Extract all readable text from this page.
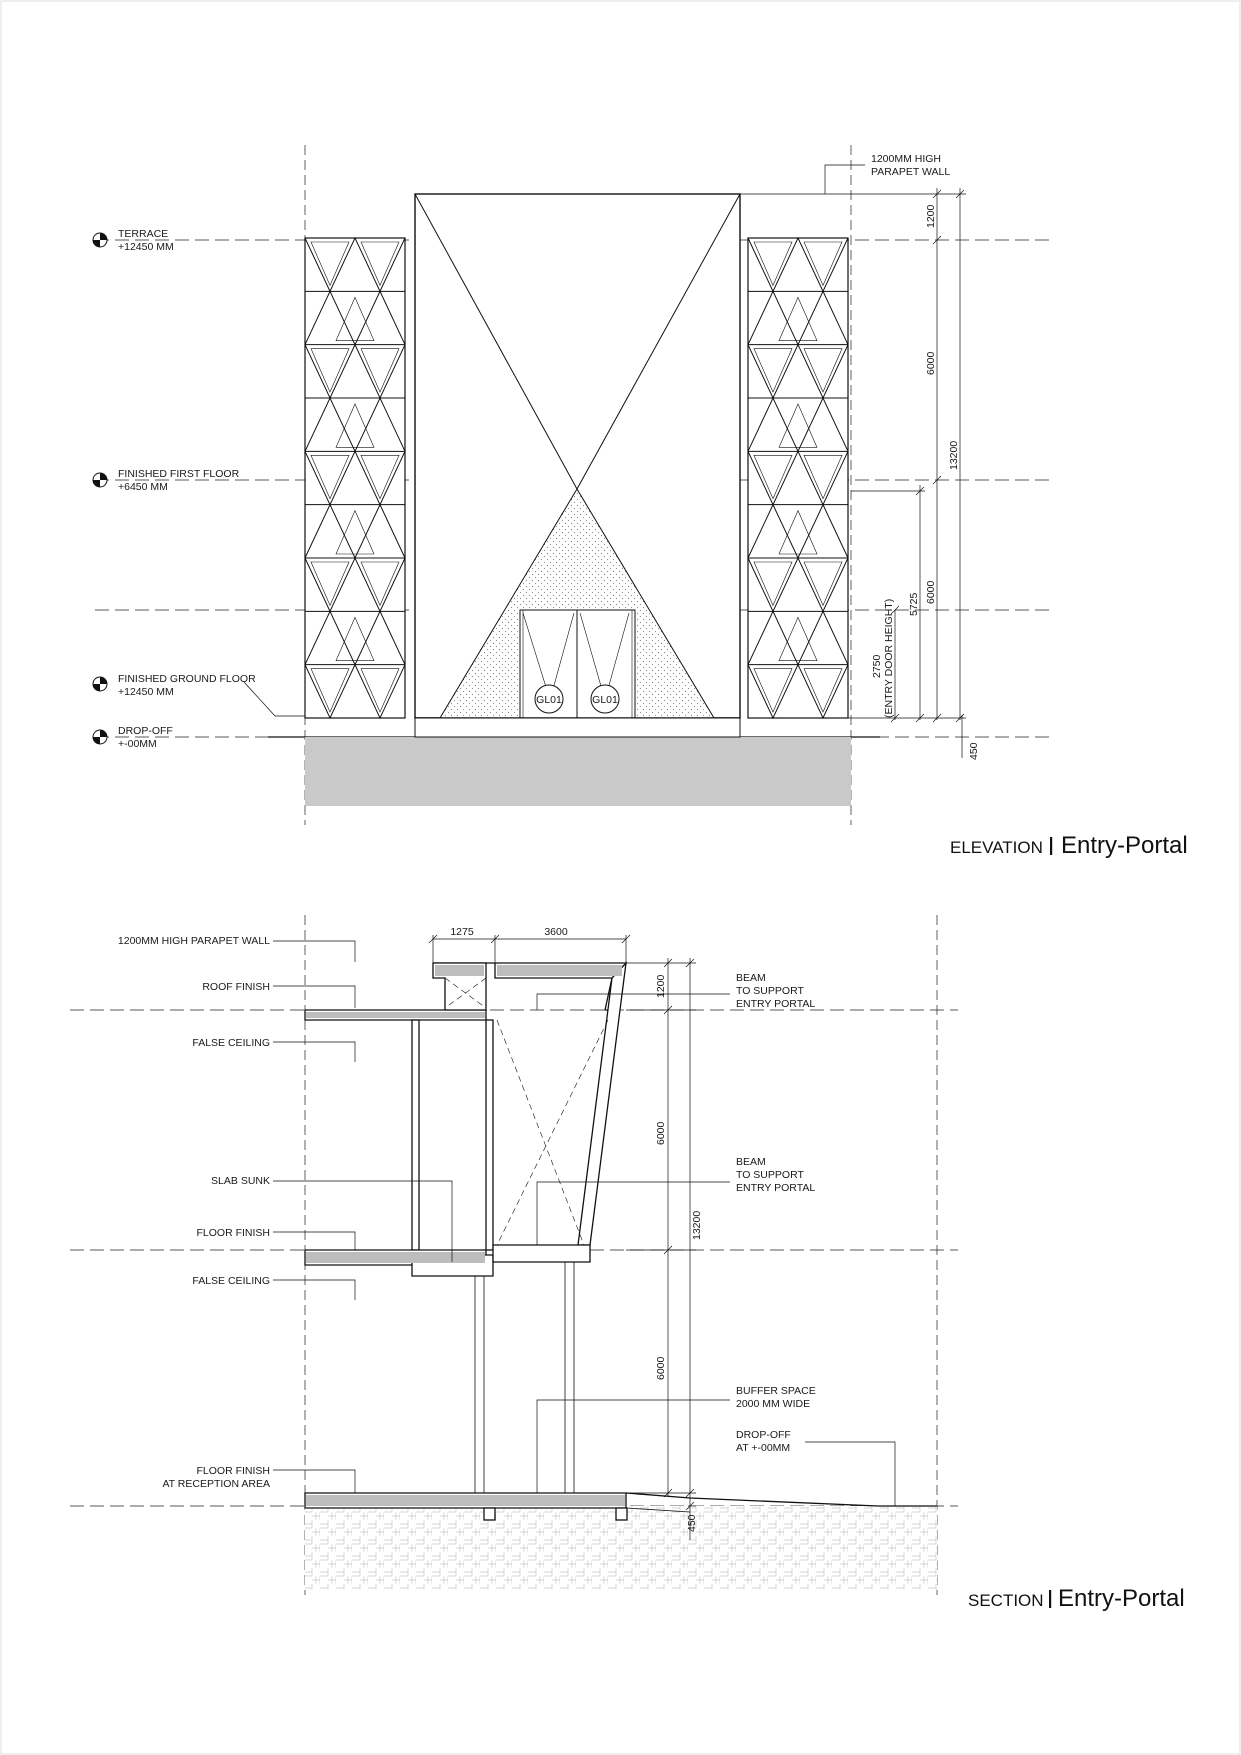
GL01	GL01
TERRACE
+12450 MM
FINISHED FIRST FLOOR
+6450 MM
FINISHED GROUND FLOOR
+12450 MM
DROP-OFF
+-00MM
1200MM HIGH
PARAPET WALL
1200
6000
13200
6000
5725
2750 (ENTRY DOOR HEIGHT)
450
ELEVATION Entry-Portal
1200MM HIGH PARAPET WALL
ROOF FINISH
FALSE CEILING
SLAB SUNK
FLOOR FINISH
FALSE CEILING
FLOOR FINISH
AT RECEPTION AREA
BEAM
TO SUPPORT
ENTRY PORTAL
BEAM
TO SUPPORT
ENTRY PORTAL
BUFFER SPACE
2000 MM WIDE
DROP-OFF
AT +-00MM
1275	3600
1200
6000
13200
6000
450
SECTION Entry-Portal
